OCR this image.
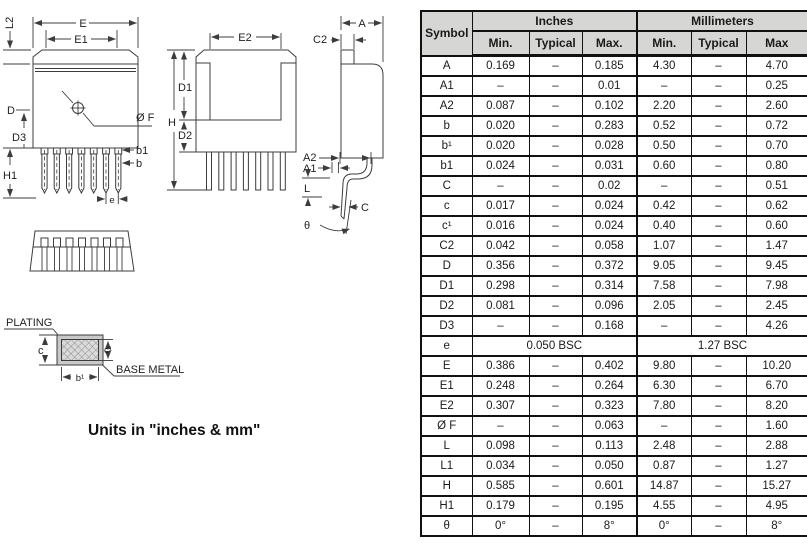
E
E1
L2
D
D3
H1
Ø F
b1
b
e
E2
H
D1
D2
A
C2
A2
A1
L
C
θ
PLATING
c	c¹
b¹
BASE METAL
Units in "inches & mm"
Symbol	Inches			Millimeters		
	Min.	Typical	Max.	Min.	Typical	Max
A	0.169	–	0.185	4.30	–	4.70
A1	–	–	0.01	–	–	0.25
A2	0.087	–	0.102	2.20	–	2.60
b	0.020	–	0.283	0.52	–	0.72
b¹	0.020	–	0.028	0.50	–	0.70
b1	0.024	–	0.031	0.60	–	0.80
C	–	–	0.02	–	–	0.51
c	0.017	–	0.024	0.42	–	0.62
c¹	0.016	–	0.024	0.40	–	0.60
C2	0.042	–	0.058	1.07	–	1.47
D	0.356	–	0.372	9.05	–	9.45
D1	0.298	–	0.314	7.58	–	7.98
D2	0.081	–	0.096	2.05	–	2.45
D3	–	–	0.168	–	–	4.26
e	0.050 BSC			1.27 BSC		
E	0.386	–	0.402	9.80	–	10.20
E1	0.248	–	0.264	6.30	–	6.70
E2	0.307	–	0.323	7.80	–	8.20
Ø F	–	–	0.063	–	–	1.60
L	0.098	–	0.113	2.48	–	2.88
L1	0.034	–	0.050	0.87	–	1.27
H	0.585	–	0.601	14.87	–	15.27
H1	0.179	–	0.195	4.55	–	4.95
θ	0°	–	8°	0°	–	8°
